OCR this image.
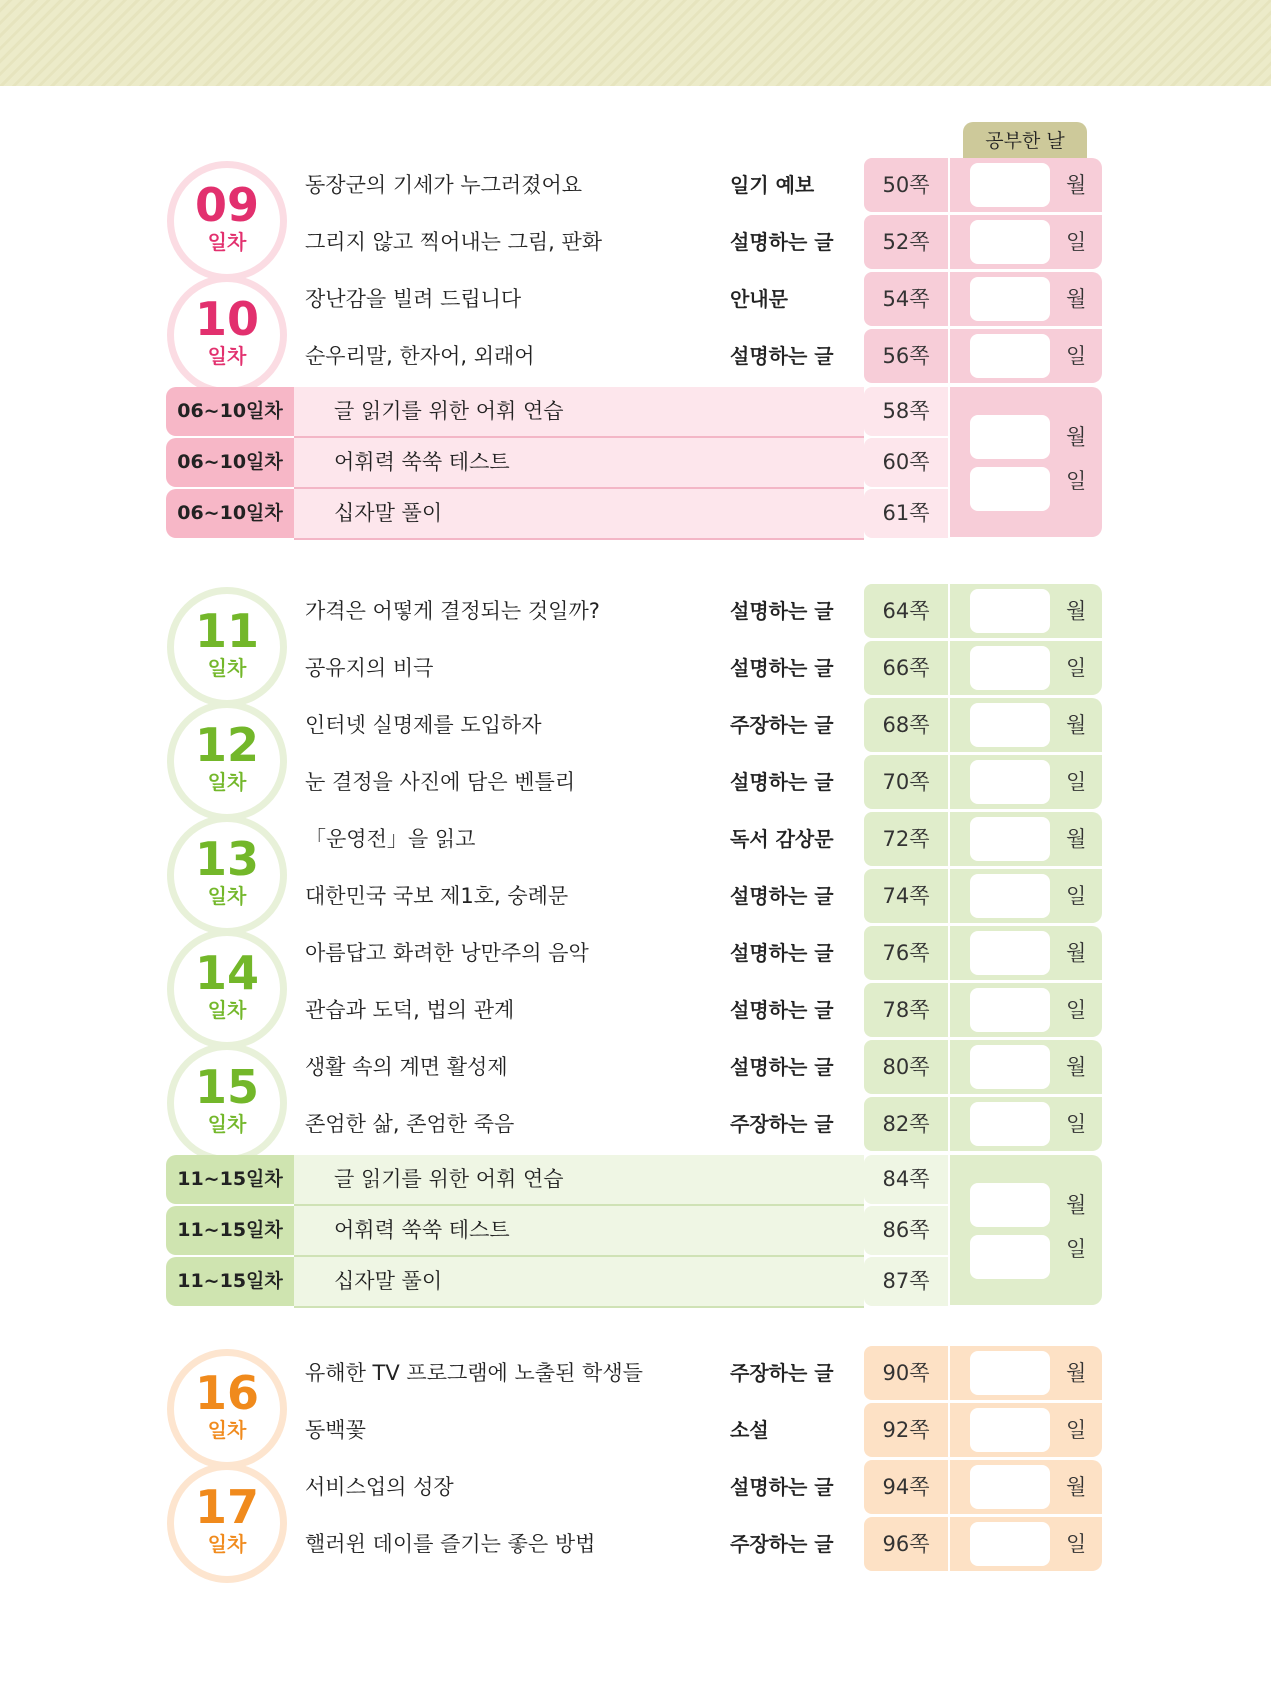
공부한 날
09
일차
동장군의 기세가 누그러졌어요	일기 예보	50쪽	월
그리지 않고 찍어내는 그림, 판화	설명하는 글	52쪽	일
10
일차
장난감을 빌려 드립니다	안내문	54쪽	월
순우리말, 한자어, 외래어	설명하는 글	56쪽	일
06~10일차	글 읽기를 위한 어휘 연습	58쪽
06~10일차	어휘력 쑥쑥 테스트	60쪽
06~10일차	십자말 풀이	61쪽
월
일
11
일차
가격은 어떻게 결정되는 것일까?	설명하는 글	64쪽	월
공유지의 비극	설명하는 글	66쪽	일
12
일차
인터넷 실명제를 도입하자	주장하는 글	68쪽	월
눈 결정을 사진에 담은 벤틀리	설명하는 글	70쪽	일
13
일차
「운영전」을 읽고	독서 감상문	72쪽	월
대한민국 국보 제1호, 숭례문	설명하는 글	74쪽	일
14
일차
아름답고 화려한 낭만주의 음악	설명하는 글	76쪽	월
관습과 도덕, 법의 관계	설명하는 글	78쪽	일
15
일차
생활 속의 계면 활성제	설명하는 글	80쪽	월
존엄한 삶, 존엄한 죽음	주장하는 글	82쪽	일
11~15일차	글 읽기를 위한 어휘 연습	84쪽
11~15일차	어휘력 쑥쑥 테스트	86쪽
11~15일차	십자말 풀이	87쪽
월
일
16
일차
유해한 TV 프로그램에 노출된 학생들	주장하는 글	90쪽	월
동백꽃	소설	92쪽	일
17
일차
서비스업의 성장	설명하는 글	94쪽	월
핼러윈 데이를 즐기는 좋은 방법	주장하는 글	96쪽	일
